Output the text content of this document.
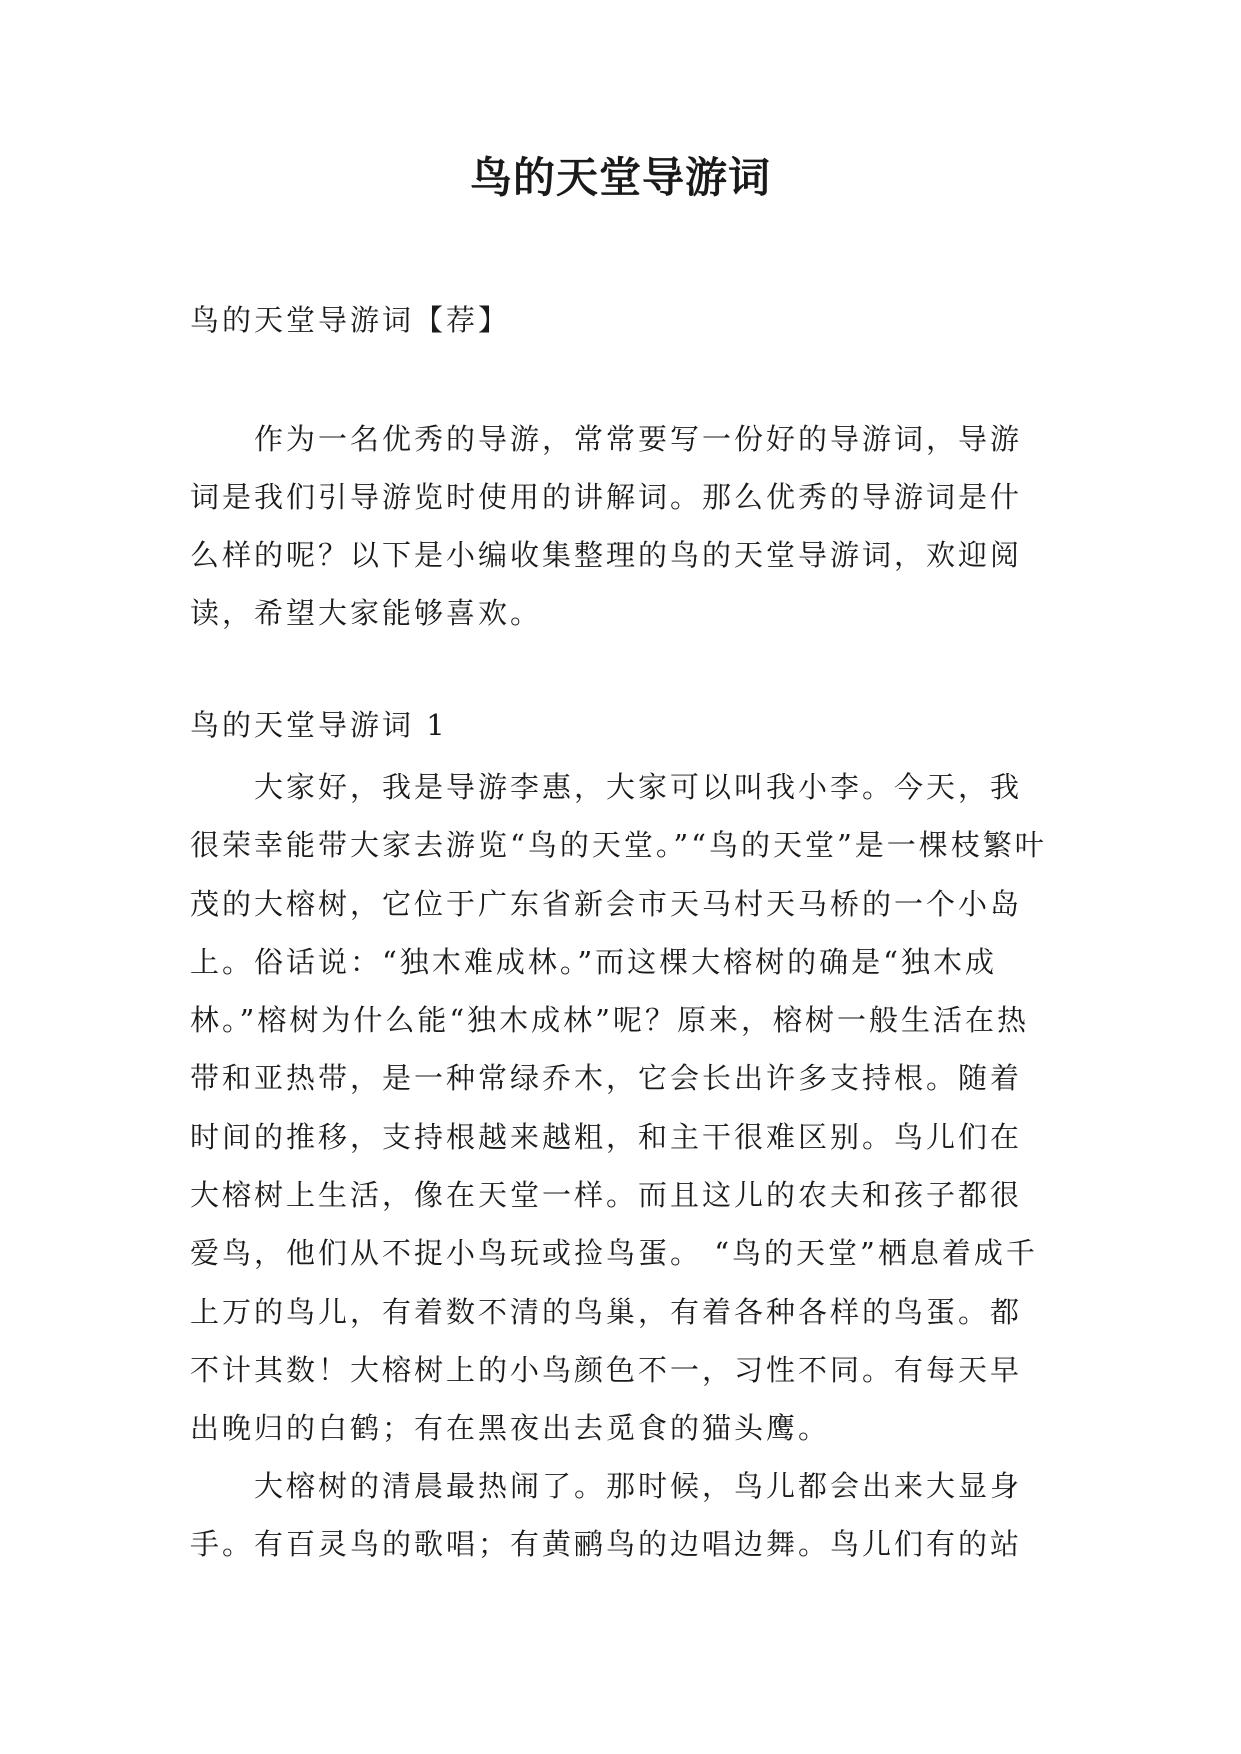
鸟的天堂导游词

鸟的天堂导游词【荐】

作为一名优秀的导游，常常要写一份好的导游词，导游词是我们引导游览时使用的讲解词。那么优秀的导游词是什么样的呢？以下是小编收集整理的鸟的天堂导游词，欢迎阅读，希望大家能够喜欢。

鸟的天堂导游词 1

大家好，我是导游李惠，大家可以叫我小李。今天，我很荣幸能带大家去游览“鸟的天堂。”“鸟的天堂”是一棵枝繁叶茂的大榕树，它位于广东省新会市天马村天马桥的一个小岛上。俗话说：“独木难成林。”而这棵大榕树的确是“独木成林。”榕树为什么能“独木成林”呢？原来，榕树一般生活在热带和亚热带，是一种常绿乔木，它会长出许多支持根。随着时间的推移，支持根越来越粗，和主干很难区别。鸟儿们在大榕树上生活，像在天堂一样。而且这儿的农夫和孩子都很爱鸟，他们从不捉小鸟玩或捡鸟蛋。 “鸟的天堂”栖息着成千上万的鸟儿，有着数不清的鸟巢，有着各种各样的鸟蛋。都不计其数！大榕树上的小鸟颜色不一，习性不同。有每天早出晚归的白鹤；有在黑夜出去觅食的猫头鹰。

大榕树的清晨最热闹了。那时候，鸟儿都会出来大显身手。有百灵鸟的歌唱；有黄鹂鸟的边唱边舞。鸟儿们有的站
